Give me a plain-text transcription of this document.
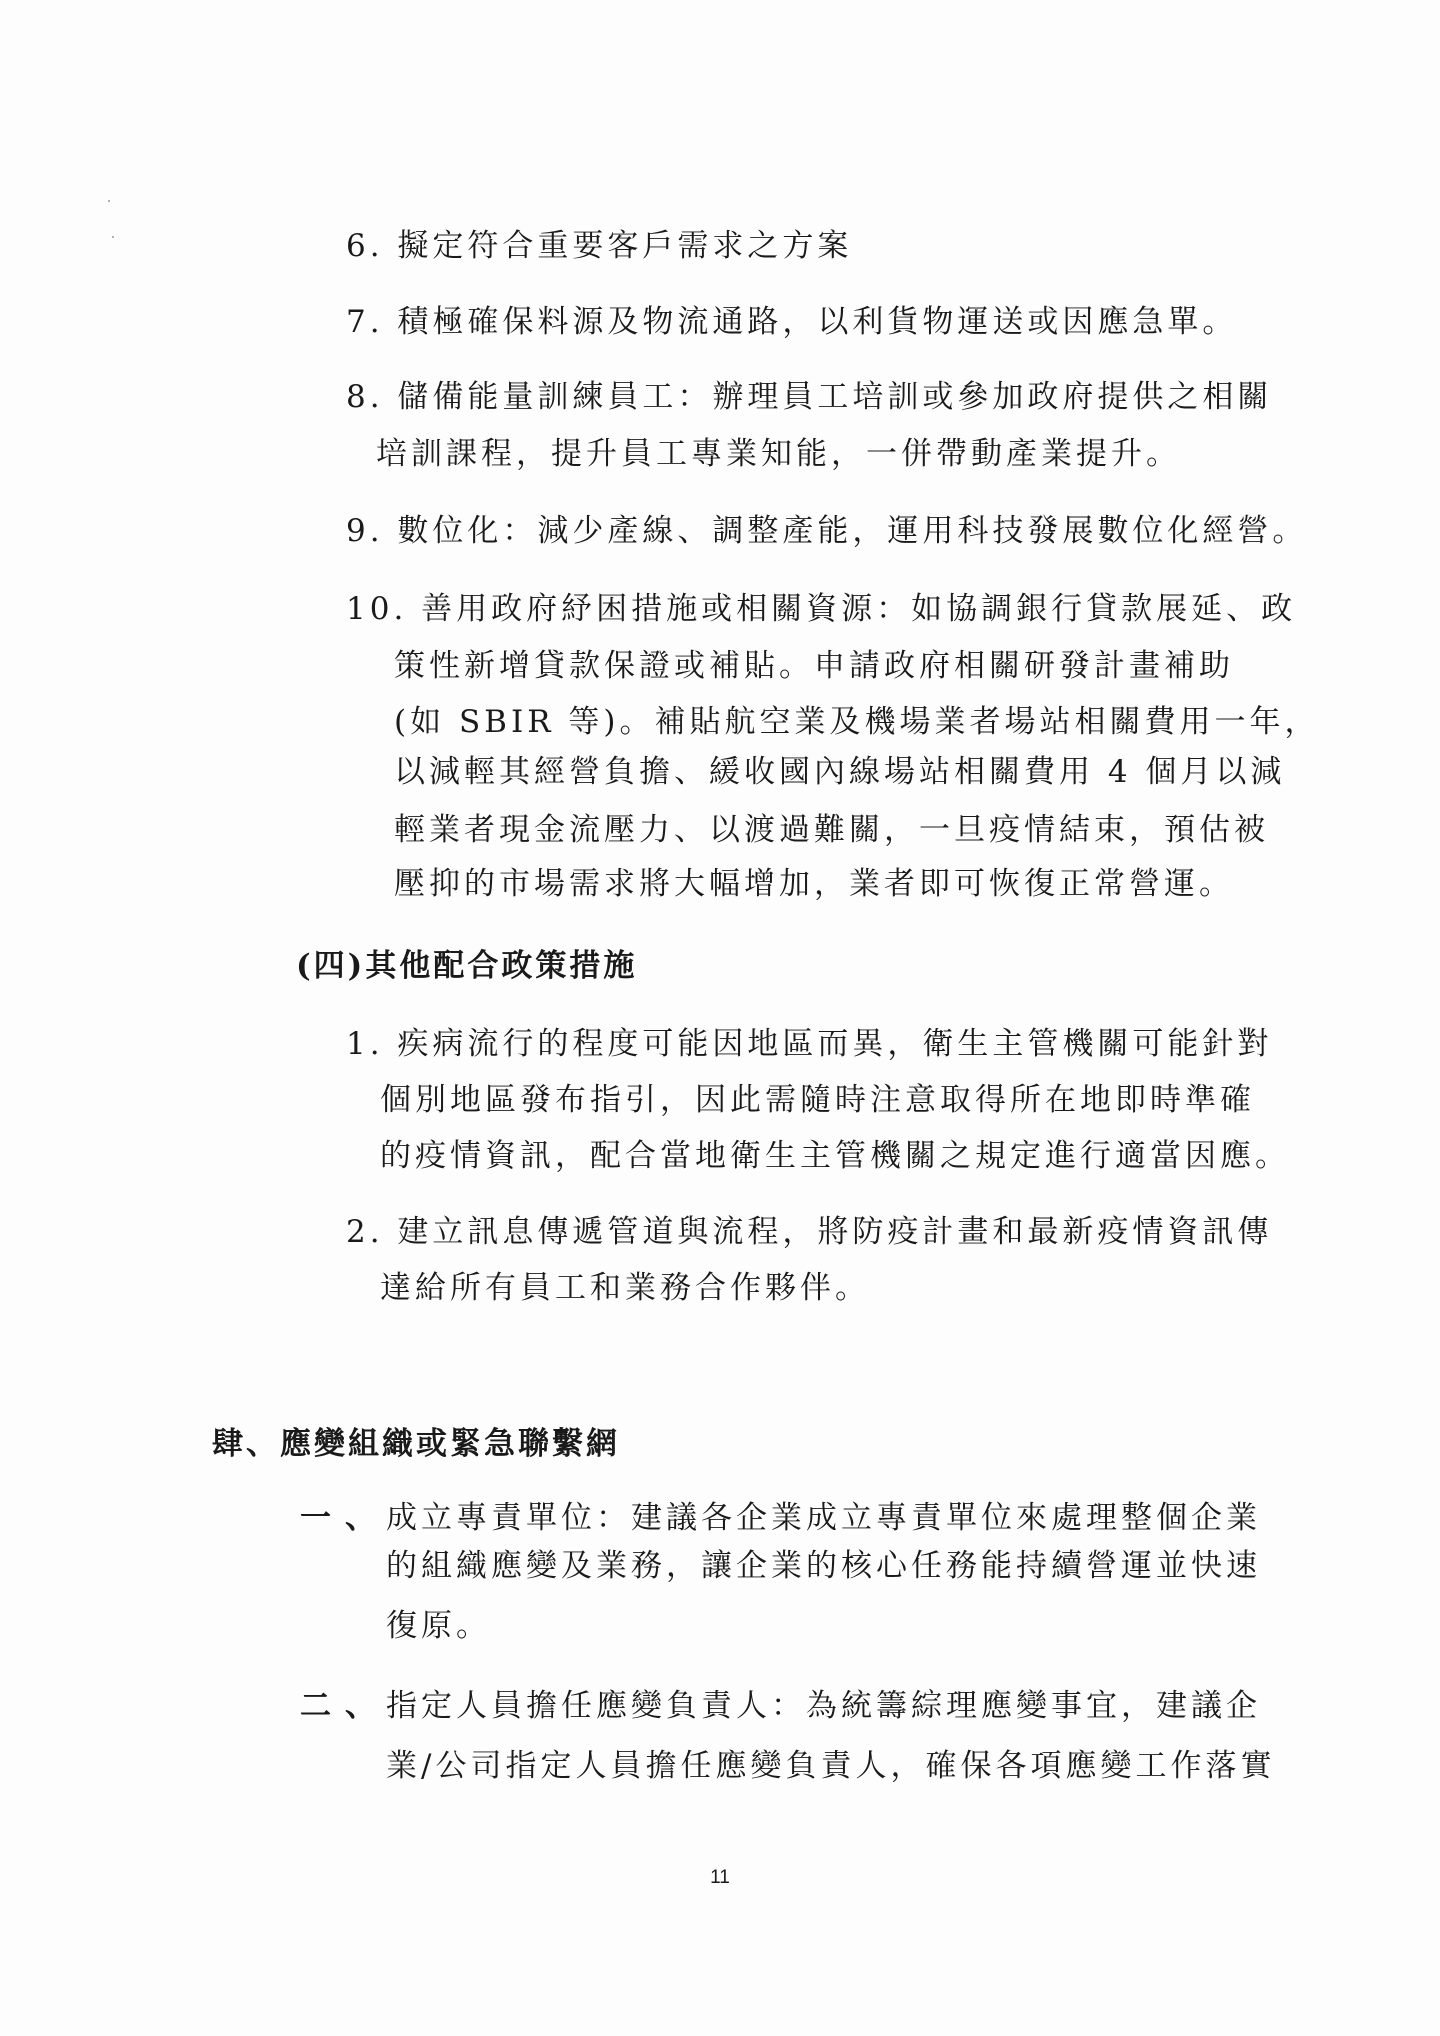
6. 擬定符合重要客戶需求之方案
7. 積極確保料源及物流通路，以利貨物運送或因應急單。
8. 儲備能量訓練員工：辦理員工培訓或參加政府提供之相關
培訓課程，提升員工專業知能，一併帶動產業提升。
9. 數位化：減少產線、調整產能，運用科技發展數位化經營。
10. 善用政府紓困措施或相關資源：如協調銀行貸款展延、政
策性新增貸款保證或補貼。申請政府相關研發計畫補助
(如 SBIR 等)。補貼航空業及機場業者場站相關費用一年，
以減輕其經營負擔、緩收國內線場站相關費用 4 個月以減
輕業者現金流壓力、以渡過難關，一旦疫情結束，預估被
壓抑的市場需求將大幅增加，業者即可恢復正常營運。
(四)其他配合政策措施
1. 疾病流行的程度可能因地區而異，衛生主管機關可能針對
個別地區發布指引，因此需隨時注意取得所在地即時準確
的疫情資訊，配合當地衛生主管機關之規定進行適當因應。
2. 建立訊息傳遞管道與流程，將防疫計畫和最新疫情資訊傳
達給所有員工和業務合作夥伴。
肆、應變組織或緊急聯繫網
一、
成立專責單位：建議各企業成立專責單位來處理整個企業
的組織應變及業務，讓企業的核心任務能持續營運並快速
復原。
二、
指定人員擔任應變負責人：為統籌綜理應變事宜，建議企
業/公司指定人員擔任應變負責人，確保各項應變工作落實
11
